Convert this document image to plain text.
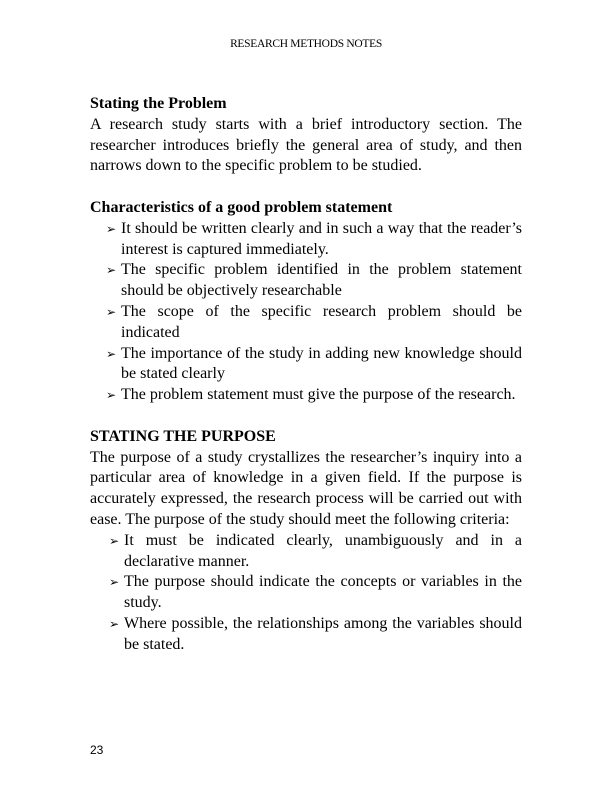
RESEARCH METHODS NOTES

Stating the Problem

A research study starts with a brief introductory section. The researcher introduces briefly the general area of study, and then narrows down to the specific problem to be studied.

Characteristics of a good problem statement

➢ It should be written clearly and in such a way that the reader’s interest is captured immediately.
➢ The specific problem identified in the problem statement should be objectively researchable
➢ The scope of the specific research problem should be indicated
➢ The importance of the study in adding new knowledge should be stated clearly
➢ The problem statement must give the purpose of the research.

STATING THE PURPOSE

The purpose of a study crystallizes the researcher’s inquiry into a particular area of knowledge in a given field. If the purpose is accurately expressed, the research process will be carried out with ease. The purpose of the study should meet the following criteria:

➢ It must be indicated clearly, unambiguously and in a declarative manner.
➢ The purpose should indicate the concepts or variables in the study.
➢ Where possible, the relationships among the variables should be stated.
23
